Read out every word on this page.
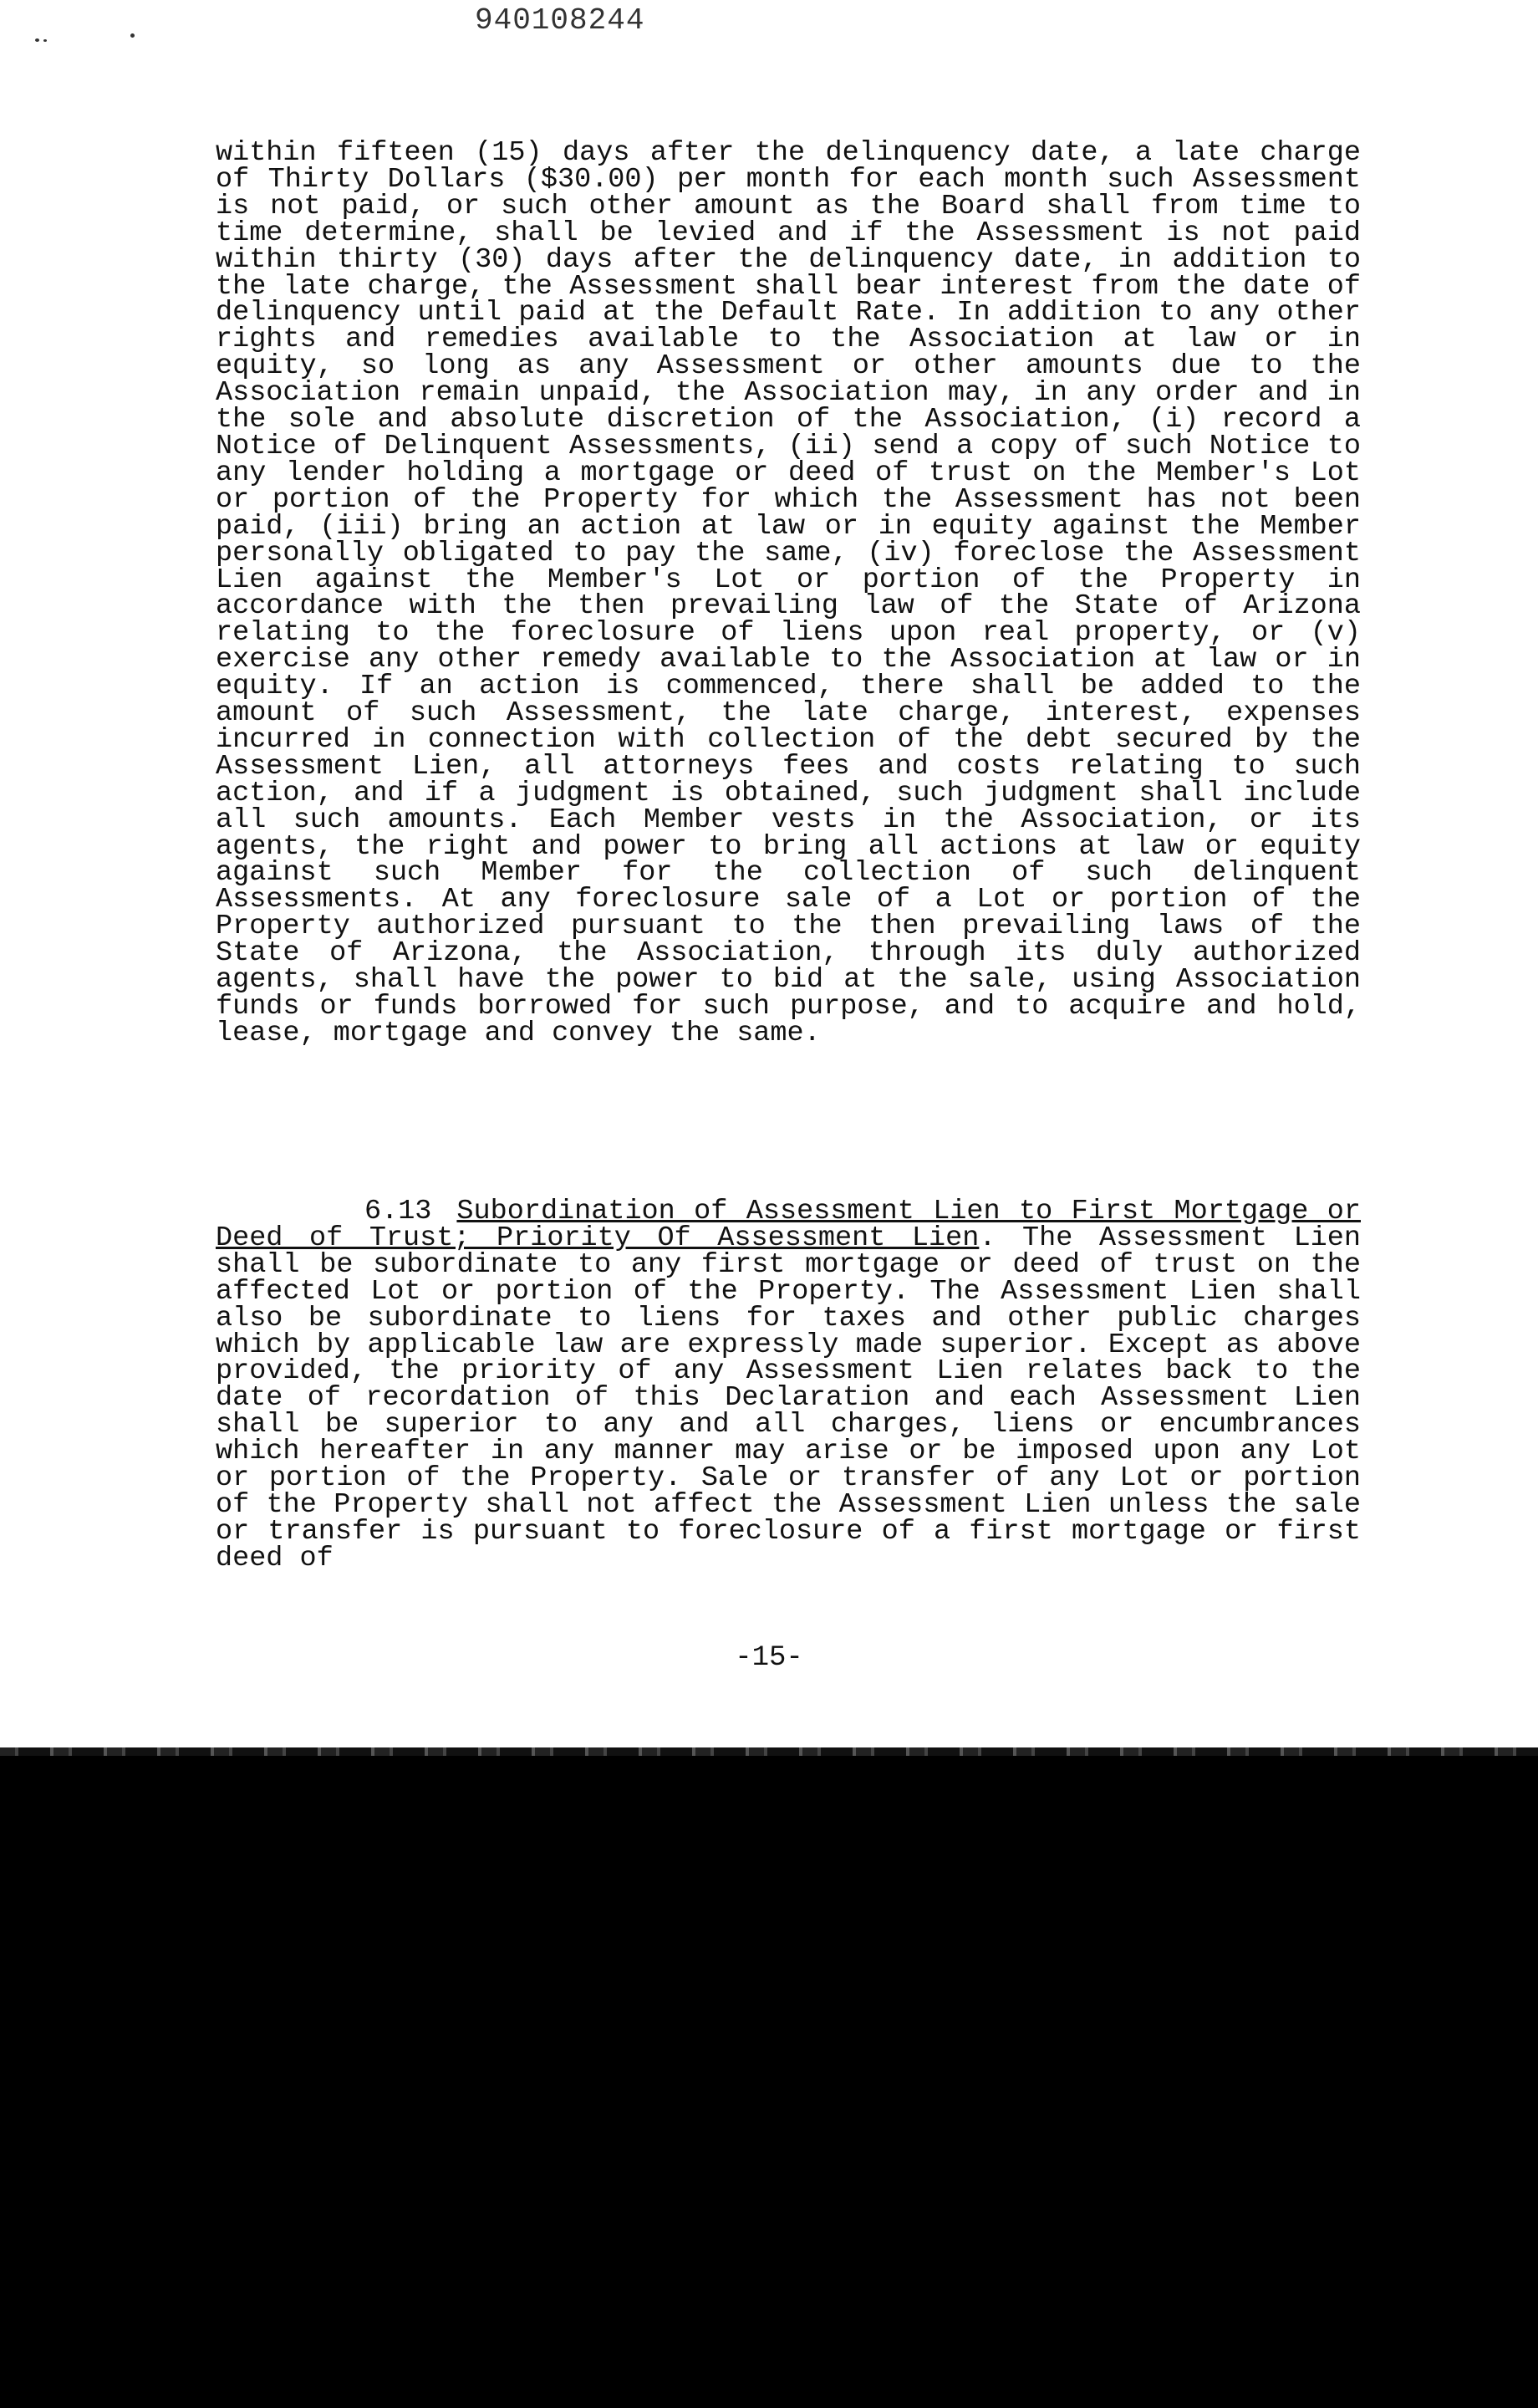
940108244

within fifteen (15) days after the delinquency date, a late charge of Thirty Dollars ($30.00) per month for each month such Assessment is not paid, or such other amount as the Board shall from time to time determine, shall be levied and if the Assessment is not paid within thirty (30) days after the delinquency date, in addition to the late charge, the Assessment shall bear interest from the date of delinquency until paid at the Default Rate. In addition to any other rights and remedies available to the Association at law or in equity, so long as any Assessment or other amounts due to the Association remain unpaid, the Association may, in any order and in the sole and absolute discretion of the Association, (i) record a Notice of Delinquent Assessments, (ii) send a copy of such Notice to any lender holding a mortgage or deed of trust on the Member's Lot or portion of the Property for which the Assessment has not been paid, (iii) bring an action at law or in equity against the Member personally obligated to pay the same, (iv) foreclose the Assessment Lien against the Member's Lot or portion of the Property in accordance with the then prevailing law of the State of Arizona relating to the foreclosure of liens upon real property, or (v) exercise any other remedy available to the Association at law or in equity. If an action is commenced, there shall be added to the amount of such Assessment, the late charge, interest, expenses incurred in connection with collection of the debt secured by the Assessment Lien, all attorneys fees and costs relating to such action, and if a judgment is obtained, such judgment shall include all such amounts. Each Member vests in the Association, or its agents, the right and power to bring all actions at law or equity against such Member for the collection of such delinquent Assessments. At any foreclosure sale of a Lot or portion of the Property authorized pursuant to the then prevailing laws of the State of Arizona, the Association, through its duly authorized agents, shall have the power to bid at the sale, using Association funds or funds borrowed for such purpose, and to acquire and hold, lease, mortgage and convey the same.

6.13 Subordination of Assessment Lien to First Mortgage or Deed of Trust; Priority Of Assessment Lien. The Assessment Lien shall be subordinate to any first mortgage or deed of trust on the affected Lot or portion of the Property. The Assessment Lien shall also be subordinate to liens for taxes and other public charges which by applicable law are expressly made superior. Except as above provided, the priority of any Assessment Lien relates back to the date of recordation of this Declaration and each Assessment Lien shall be superior to any and all charges, liens or encumbrances which hereafter in any manner may arise or be imposed upon any Lot or portion of the Property. Sale or transfer of any Lot or portion of the Property shall not affect the Assessment Lien unless the sale or transfer is pursuant to foreclosure of a first mortgage or first deed of

-15-
